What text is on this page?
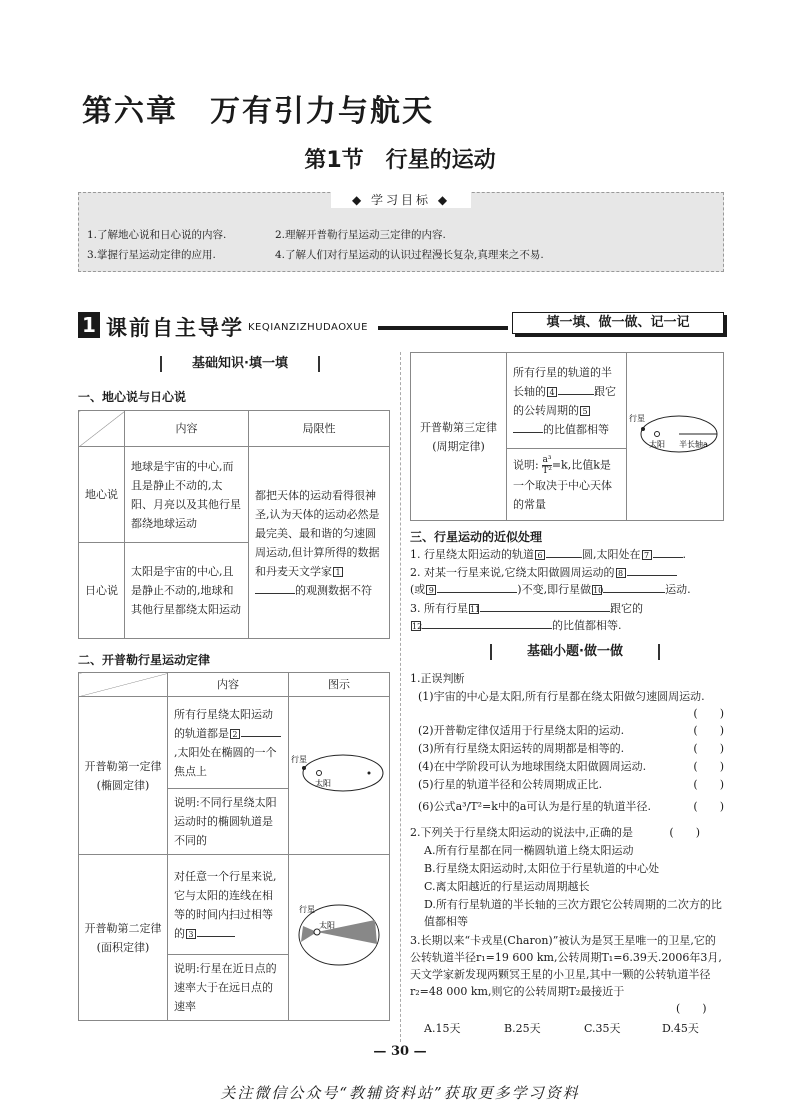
第六章　万有引力与航天
第1节　行星的运动
◆ 学习目标 ◆
1.了解地心说和日心说的内容.	2.理解开普勒行星运动三定律的内容.
3.掌握行星运动定律的应用.	4.了解人们对行星运动的认识过程漫长复杂,真理来之不易.
1 课前自主导学 KEQIANZIZHUDAOXUE	填一填、做一做、记一记
基础知识·填一填
一、地心说与日心说
	内容	局限性
地心说	地球是宇宙的中心,而且是静止不动的,太阳、月亮以及其他行星都绕地球运动	都把天体的运动看得很神圣,认为天体的运动必然是最完美、最和谐的匀速圆周运动,但计算所得的数据和丹麦天文学家 1的观测数据不符
日心说	太阳是宇宙的中心,且是静止不动的,地球和其他行星都绕太阳运动	
二、开普勒行星运动定律
	内容	图示
开普勒第一定律
(椭圆定律)	所有行星绕太阳运动的轨道都是 2,太阳处在椭圆的一个焦点上	行星
太阳

	说明:不同行星绕太阳运动时的椭圆轨道是不同的	
开普勒第二定律
(面积定律)	对任意一个行星来说,它与太阳的连线在相等的时间内扫过相等的 3	行星
太阳

	说明:行星在近日点的速率大于在远日点的速率	
开普勒第三定律
(周期定律)	所有行星的轨道的半长轴的 4	跟它的公转周期的 5的比值都相等	
行星
太阳 半长轴a

说明: $\frac{\text{a³}}{\text{T²}} =k$,比值k是一个取决于中心天体的常量
三、行星运动的近似处理
1. 行星绕太阳运动的轨道 6	圆,太阳处在 7	.
2. 对某一行星来说,它绕太阳做圆周运动的 8
(或 9	)不变,即行星做 10	运动.
3. 所有行星 11	跟它的
12	的比值都相等.
基础小题·做一做
1.正误判断
(1)宇宙的中心是太阳,所有行星都在绕太阳做匀速圆周运动.
(　　)
(2)开普勒定律仅适用于行星绕太阳的运动.	(　　)
(3)所有行星绕太阳运转的周期都是相等的.	(　　)
(4)在中学阶段可认为地球围绕太阳做圆周运动.	(　　)
(5)行星的轨道半径和公转周期成正比.	(　　)
(6)公式a³/T²=k中的a可认为是行星的轨道半径.	(　　)
2.下列关于行星绕太阳运动的说法中,正确的是	(　　)
A.所有行星都在同一椭圆轨道上绕太阳运动
B.行星绕太阳运动时,太阳位于行星轨道的中心处
C.离太阳越近的行星运动周期越长
D.所有行星轨道的半长轴的三次方跟它公转周期的二次方的比值都相等
3.长期以来“卡戎星(Charon)”被认为是冥王星唯一的卫星,它的公转轨道半径r₁=19 600 km,公转周期T₁=6.39天.2006年3月,天文学家新发现两颗冥王星的小卫星,其中一颗的公转轨道半径r₂=48 000 km,则它的公转周期T₂最接近于
(　　)
A.15天	B.25天	C.35天	D.45天
— 30 —
关注微信公众号“教辅资料站”获取更多学习资料
